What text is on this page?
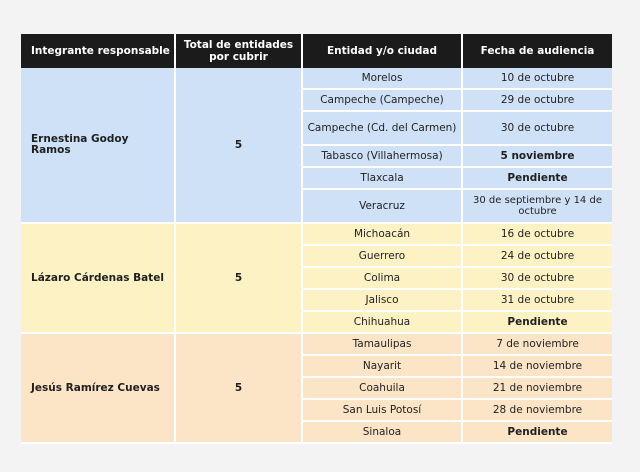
Integrante responsable	Total de entidades por cubrir	Entidad y/o ciudad	Fecha de audiencia
Ernestina Godoy Ramos	5	Morelos	10 de octubre
		Campeche (Campeche)	29 de octubre
		Campeche (Cd. del Carmen)	30 de octubre
		Tabasco (Villahermosa)	5 noviembre
		Tlaxcala	Pendiente
		Veracruz	30 de septiembre y 14 de octubre
Lázaro Cárdenas Batel	5	Michoacán	16 de octubre
		Guerrero	24 de octubre
		Colima	30 de octubre
		Jalisco	31 de octubre
		Chihuahua	Pendiente
Jesús Ramírez Cuevas	5	Tamaulipas	7 de noviembre
		Nayarit	14 de noviembre
		Coahuila	21 de noviembre
		San Luis Potosí	28 de noviembre
		Sinaloa	Pendiente
